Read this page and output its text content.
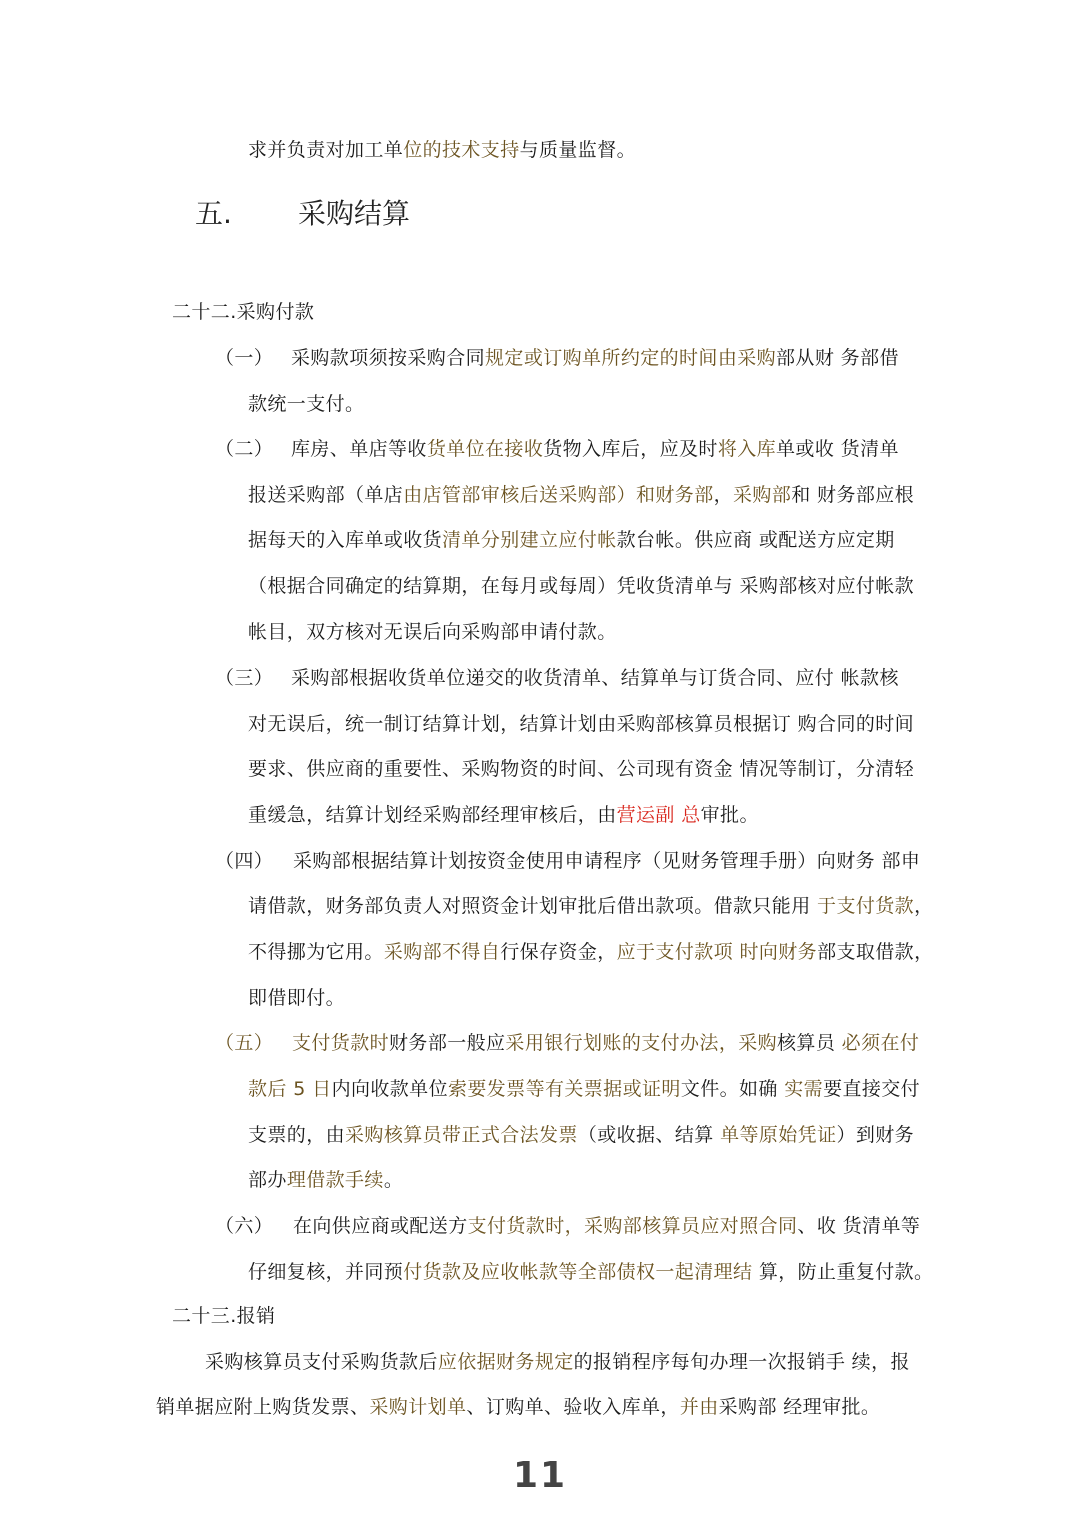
求并负责对加工单位的技术支持与质量监督。
五. 采购结算
二十二.采购付款
（一） 采购款项须按采购合同规定或订购单所约定的时间由采购部从财 务部借
款统一支付。
（二） 库房、单店等收货单位在接收货物入库后，应及时将入库单或收 货清单
报送采购部（单店由店管部审核后送采购部）和财务部，采购部和 财务部应根
据每天的入库单或收货清单分别建立应付帐款台帐。供应商 或配送方应定期
（根据合同确定的结算期，在每月或每周）凭收货清单与 采购部核对应付帐款
帐目，双方核对无误后向采购部申请付款。
（三） 采购部根据收货单位递交的收货清单、结算单与订货合同、应付 帐款核
对无误后，统一制订结算计划，结算计划由采购部核算员根据订 购合同的时间
要求、供应商的重要性、采购物资的时间、公司现有资金 情况等制订，分清轻
重缓急，结算计划经采购部经理审核后，由营运副 总审批。
（四） 采购部根据结算计划按资金使用申请程序（见财务管理手册）向财务 部申
请借款，财务部负责人对照资金计划审批后借出款项。借款只能用 于支付货款，
不得挪为它用。采购部不得自行保存资金，应于支付款项 时向财务部支取借款，
即借即付。
（五） 支付货款时财务部一般应采用银行划账的支付办法，采购核算员 必须在付
款后 5 日内向收款单位索要发票等有关票据或证明文件。如确 实需要直接交付
支票的，由采购核算员带正式合法发票（或收据、结算 单等原始凭证）到财务
部办理借款手续。
（六） 在向供应商或配送方支付货款时，采购部核算员应对照合同、收 货清单等
仔细复核，并同预付货款及应收帐款等全部债权一起清理结 算，防止重复付款。
二十三.报销
采购核算员支付采购货款后应依据财务规定的报销程序每旬办理一次报销手 续，报
销单据应附上购货发票、采购计划单、订购单、验收入库单，并由采购部 经理审批。
11
